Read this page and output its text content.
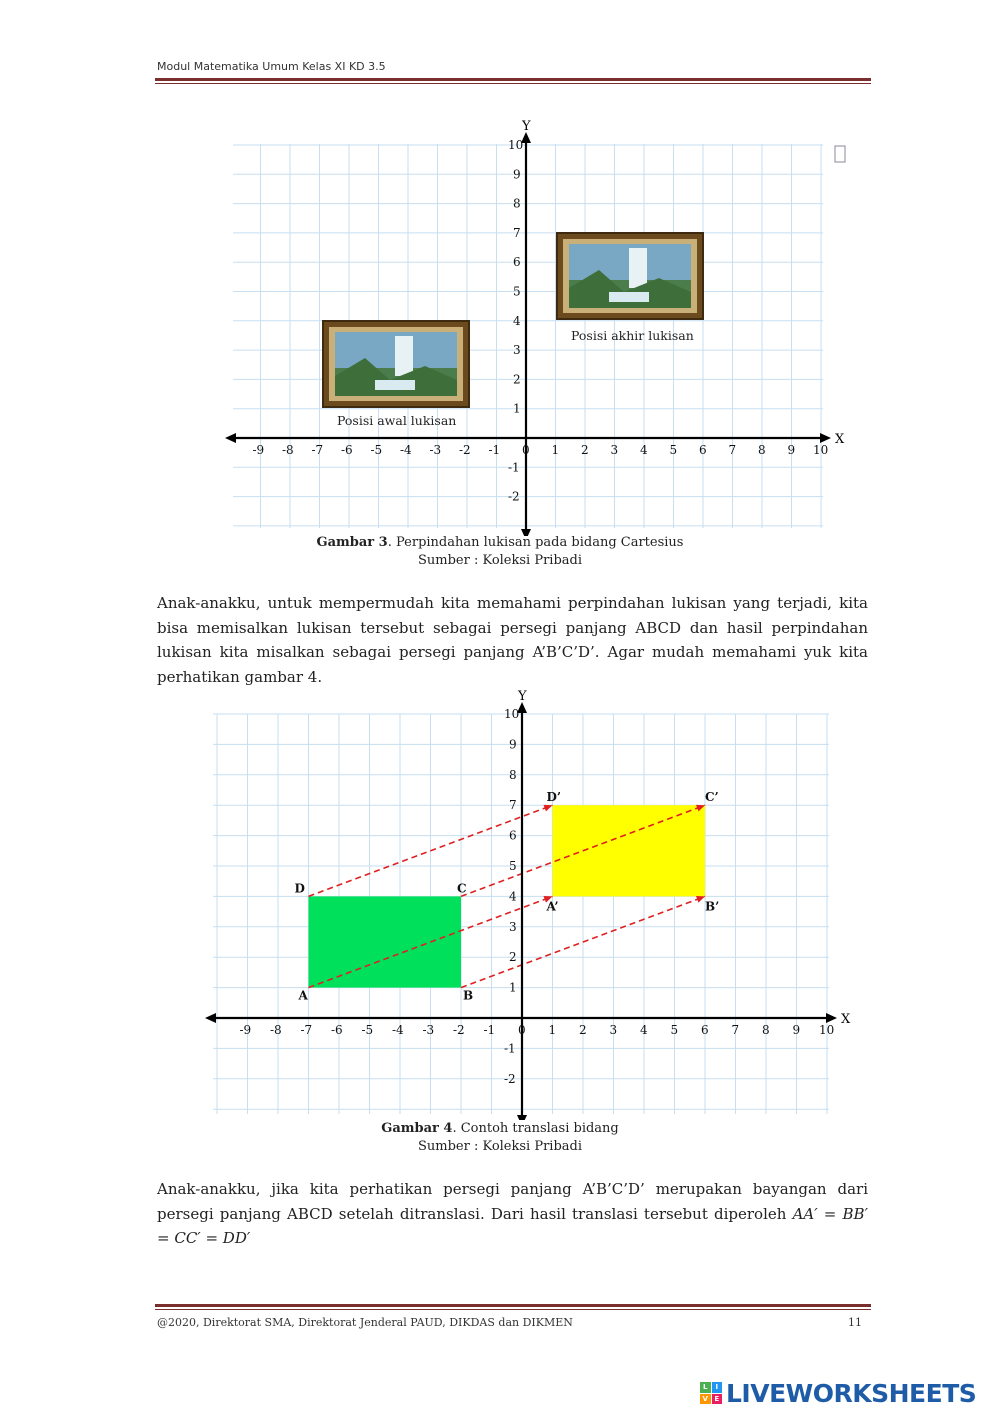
Modul Matematika Umum Kelas XI KD 3.5
X
Y
-9 -8 -7 -6 -5 -4 -3 -2 -1 0 1 2 3 4 5 6 7 8 9 10
10
9
8
7
6
5
4
3
2
1
-1
-2
Posisi awal lukisan
Posisi akhir lukisan
Gambar 3. Perpindahan lukisan pada bidang Cartesius
Sumber : Koleksi Pribadi
Anak-anakku, untuk mempermudah kita memahami perpindahan lukisan yang terjadi, kita bisa memisalkan lukisan tersebut sebagai persegi panjang ABCD dan hasil perpindahan lukisan kita misalkan sebagai persegi panjang A’B’C’D’. Agar mudah memahami yuk kita perhatikan gambar 4.
X
Y
-9 -8 -7 -6 -5 -4 -3 -2 -1 0 1 2 3 4 5 6 7 8 9 10
10
9
8
7
6
5
4
3
2
1
-1
-2
A	B
C
D
A’	B’
C’
D’
Gambar 4. Contoh translasi bidang
Sumber : Koleksi Pribadi
Anak-anakku, jika kita perhatikan persegi panjang A’B’C’D’ merupakan bayangan dari persegi panjang ABCD setelah ditranslasi. Dari hasil translasi tersebut diperoleh AA′ = BB′ = CC′ = DD′
@2020, Direktorat SMA, Direktorat Jenderal PAUD, DIKDAS dan DIKMEN	11
L	I
V E LIVEWORKSHEETS
